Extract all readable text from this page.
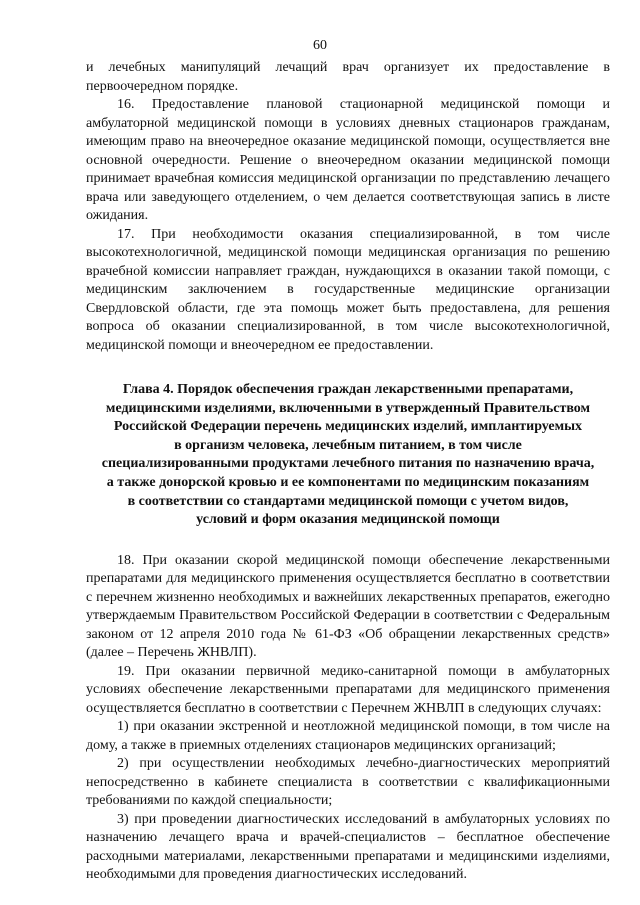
60

и лечебных манипуляций лечащий врач организует их предоставление в первоочередном порядке.

16. Предоставление плановой стационарной медицинской помощи и амбулаторной медицинской помощи в условиях дневных стационаров гражданам, имеющим право на внеочередное оказание медицинской помощи, осуществляется вне основной очередности. Решение о внеочередном оказании медицинской помощи принимает врачебная комиссия медицинской организации по представлению лечащего врача или заведующего отделением, о чем делается соответствующая запись в листе ожидания.

17. При необходимости оказания специализированной, в том числе высокотехнологичной, медицинской помощи медицинская организация по решению врачебной комиссии направляет граждан, нуждающихся в оказании такой помощи, с медицинским заключением в государственные медицинские организации Свердловской области, где эта помощь может быть предоставлена, для решения вопроса об оказании специализированной, в том числе высокотехнологичной, медицинской помощи и внеочередном ее предоставлении.

Глава 4. Порядок обеспечения граждан лекарственными препаратами,
медицинскими изделиями, включенными в утвержденный Правительством
Российской Федерации перечень медицинских изделий, имплантируемых
в организм человека, лечебным питанием, в том числе
специализированными продуктами лечебного питания по назначению врача,
а также донорской кровью и ее компонентами по медицинским показаниям
в соответствии со стандартами медицинской помощи с учетом видов,
условий и форм оказания медицинской помощи

18. При оказании скорой медицинской помощи обеспечение лекарственными препаратами для медицинского применения осуществляется бесплатно в соответствии с перечнем жизненно необходимых и важнейших лекарственных препаратов, ежегодно утверждаемым Правительством Российской Федерации в соответствии с Федеральным законом от 12 апреля 2010 года № 61-ФЗ «Об обращении лекарственных средств» (далее – Перечень ЖНВЛП).

19. При оказании первичной медико-санитарной помощи в амбулаторных условиях обеспечение лекарственными препаратами для медицинского применения осуществляется бесплатно в соответствии с Перечнем ЖНВЛП в следующих случаях:

1) при оказании экстренной и неотложной медицинской помощи, в том числе на дому, а также в приемных отделениях стационаров медицинских организаций;

2) при осуществлении необходимых лечебно-диагностических мероприятий непосредственно в кабинете специалиста в соответствии с квалификационными требованиями по каждой специальности;

3) при проведении диагностических исследований в амбулаторных условиях по назначению лечащего врача и врачей-специалистов – бесплатное обеспечение расходными материалами, лекарственными препаратами и медицинскими изделиями, необходимыми для проведения диагностических исследований.
